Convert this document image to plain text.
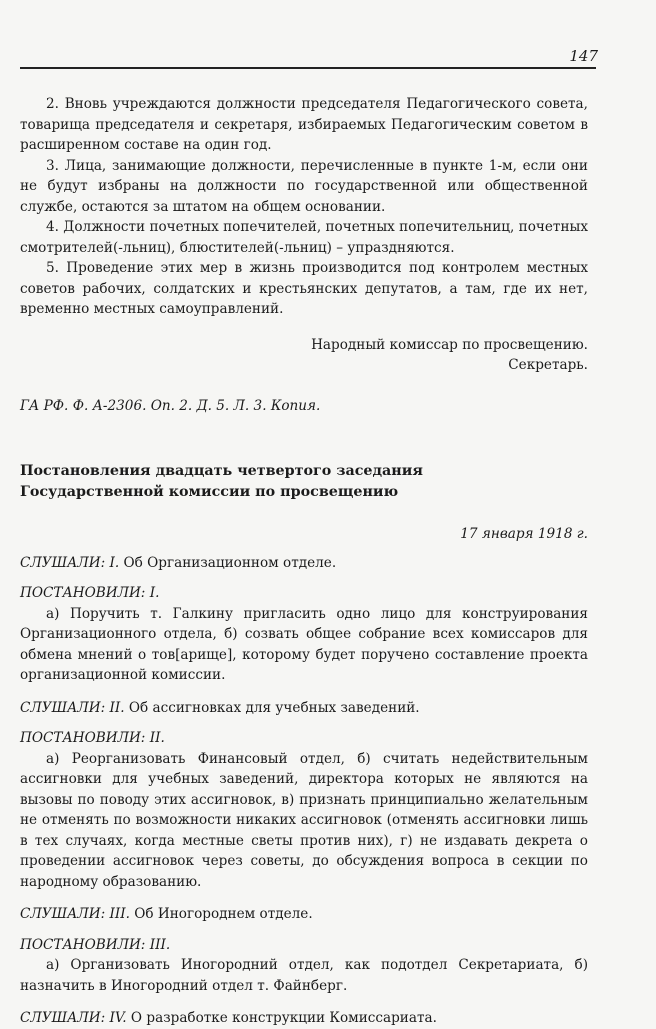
147

2. Вновь учреждаются должности председателя Педагогического совета, товарища председателя и секретаря, избираемых Педагогическим советом в расширенном составе на один год.

3. Лица, занимающие должности, перечисленные в пункте 1-м, если они не будут избраны на должности по государственной или общественной службе, остаются за штатом на общем основании.

4. Должности почетных попечителей, почетных попечительниц, почетных смотрителей(-льниц), блюстителей(-льниц) – упраздняются.

5. Проведение этих мер в жизнь производится под контролем местных советов рабочих, солдатских и крестьянских депутатов, а там, где их нет, временно местных самоуправлений.

Народный комиссар по просвещению.

Секретарь.

ГА РФ. Ф. А-2306. Оп. 2. Д. 5. Л. 3. Копия.

Постановления двадцать четвертого заседания
Государственной комиссии по просвещению

17 января 1918 г.

СЛУШАЛИ: I. Об Организационном отделе.

ПОСТАНОВИЛИ: I.

а) Поручить т. Галкину пригласить одно лицо для конструирования Организационного отдела, б) созвать общее собрание всех комиссаров для обмена мнений о тов[арище], которому будет поручено составление проекта организационной комиссии.

СЛУШАЛИ: II. Об ассигновках для учебных заведений.

ПОСТАНОВИЛИ: II.

а) Реорганизовать Финансовый отдел, б) считать недействительным ассигновки для учебных заведений, директора которых не являются на вызовы по поводу этих ассигновок, в) признать принципиально желательным не отменять по возможности никаких ассигновок (отменять ассигновки лишь в тех случаях, когда местные светы против них), г) не издавать декрета о проведении ассигновок через советы, до обсуждения вопроса в секции по народному образованию.

СЛУШАЛИ: III. Об Иногороднем отделе.

ПОСТАНОВИЛИ: III.

а) Организовать Иногородний отдел, как подотдел Секретариата, б) назначить в Иногородний отдел т. Файнберг.

СЛУШАЛИ: IV. О разработке конструкции Комиссариата.
